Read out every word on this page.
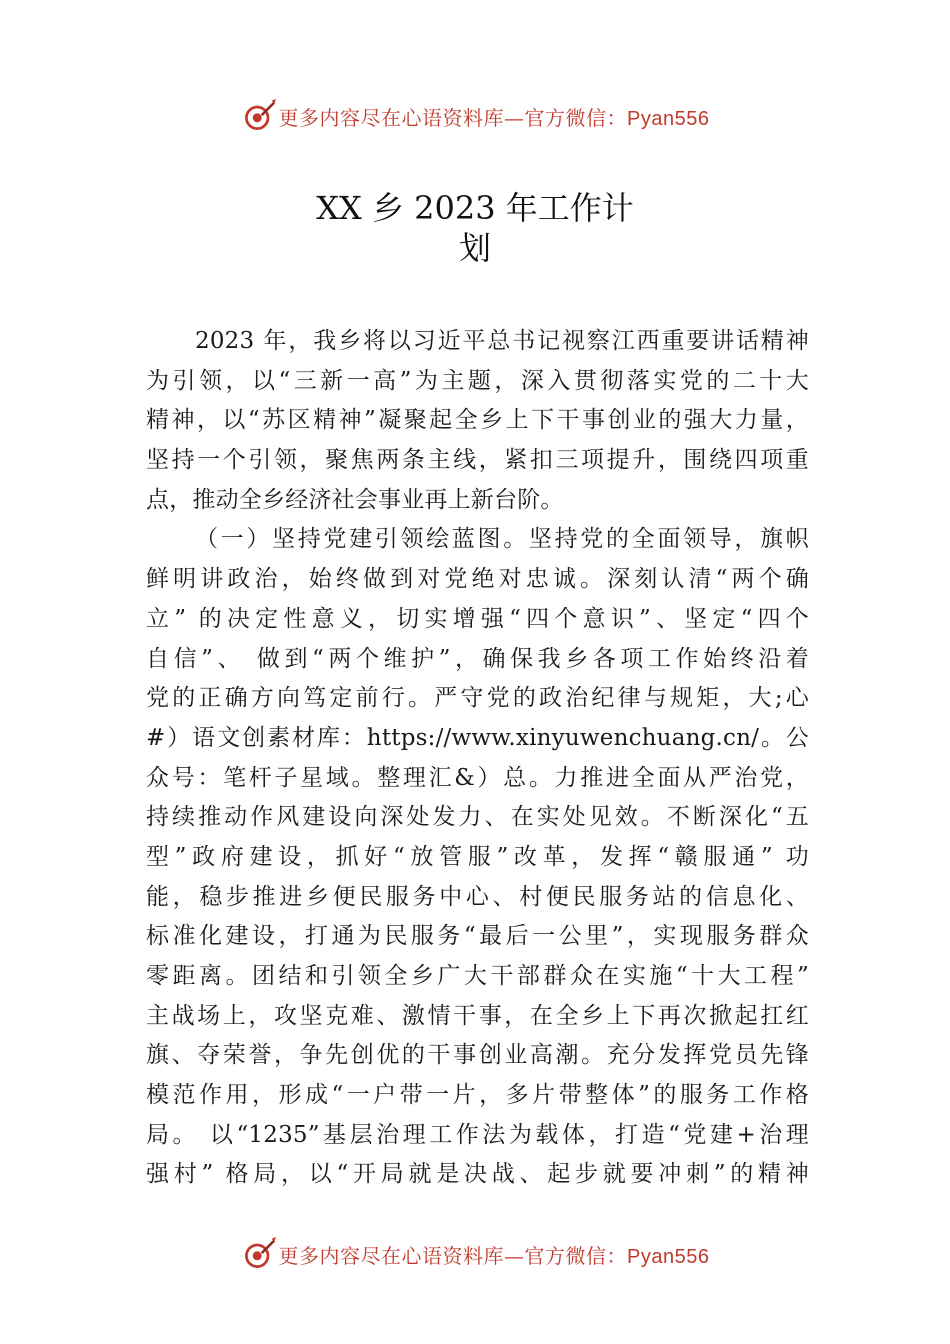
更多内容尽在心语资料库—官方微信：Pyan556
XX 乡 2023 年工作计
划
2023 年，我乡将以习近平总书记视察江西重要讲话精神
为引领，以“三新一高”为主题，深入贯彻落实党的二十大
精神，以“苏区精神”凝聚起全乡上下干事创业的强大力量，
坚持一个引领，聚焦两条主线，紧扣三项提升，围绕四项重
点，推动全乡经济社会事业再上新台阶。
（一）坚持党建引领绘蓝图。坚持党的全面领导，旗帜
鲜明讲政治，始终做到对党绝对忠诚。深刻认清“两个确
立” 的决定性意义，切实增强“四个意识”、坚定“四个
自信”、 做到“两个维护”，确保我乡各项工作始终沿着
党的正确方向笃定前行。严守党的政治纪律与规矩，大;心
#）语文创素材库：https://www.xinyuwenchuang.cn/。公
众号：笔杆子星域。整理汇&）总。力推进全面从严治党，
持续推动作风建设向深处发力、在实处见效。不断深化“五
型”政府建设，抓好“放管服”改革，发挥“赣服通” 功
能，稳步推进乡便民服务中心、村便民服务站的信息化、
标准化建设，打通为民服务“最后一公里”，实现服务群众
零距离。团结和引领全乡广大干部群众在实施“十大工程”
主战场上，攻坚克难、激情干事，在全乡上下再次掀起扛红
旗、夺荣誉，争先创优的干事创业高潮。充分发挥党员先锋
模范作用，形成“一户带一片，多片带整体”的服务工作格
局。 以“1235”基层治理工作法为载体，打造“党建+治理
强村” 格局，以“开局就是决战、起步就要冲刺”的精神
更多内容尽在心语资料库—官方微信：Pyan556
